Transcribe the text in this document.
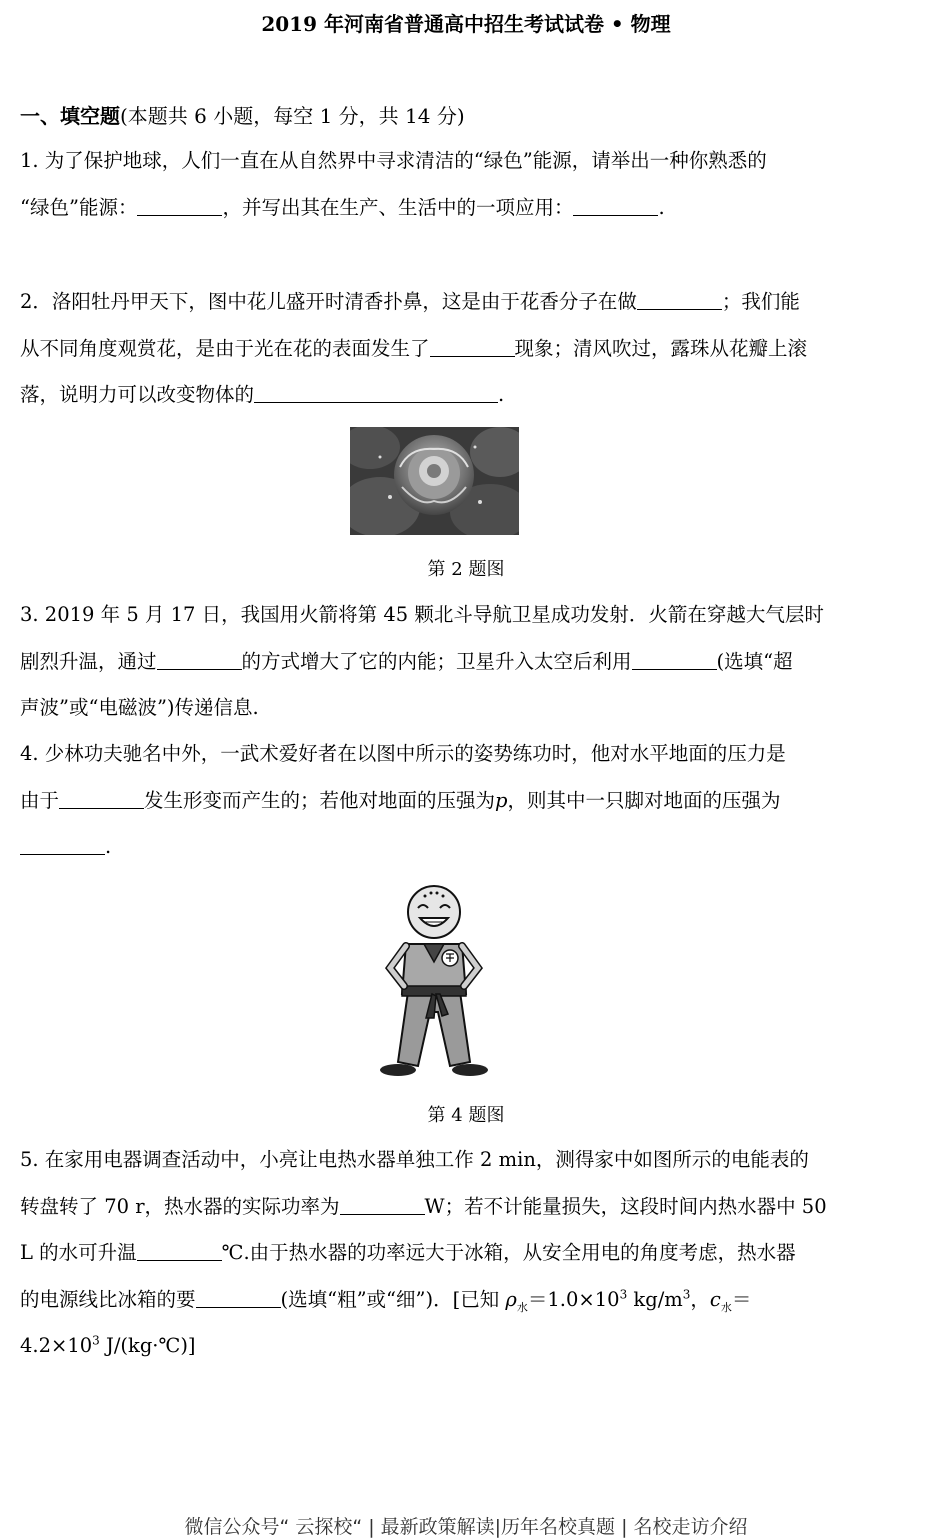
2019 年河南省普通高中招生考试试卷 • 物理
一、填空题(本题共 6 小题，每空 1 分，共 14 分)
1. 为了保护地球，人们一直在从自然界中寻求清洁的“绿色”能源，请举出一种你熟悉的
“绿色”能源：	，并写出其在生产、生活中的一项应用：	.
2．洛阳牡丹甲天下，图中花儿盛开时清香扑鼻，这是由于花香分子在做	；我们能
从不同角度观赏花，是由于光在花的表面发生了	现象；清风吹过，露珠从花瓣上滚
落，说明力可以改变物体的	.
第 2 题图
3. 2019 年 5 月 17 日，我国用火箭将第 45 颗北斗导航卫星成功发射．火箭在穿越大气层时
剧烈升温，通过	的方式增大了它的内能；卫星升入太空后利用	(选填“超
声波”或“电磁波”)传递信息.
4. 少林功夫驰名中外，一武术爱好者在以图中所示的姿势练功时，他对水平地面的压力是
由于	发生形变而产生的；若他对地面的压强为p，则其中一只脚对地面的压强为
.
第 4 题图
5. 在家用电器调查活动中，小亮让电热水器单独工作 2 min，测得家中如图所示的电能表的
转盘转了 70 r，热水器的实际功率为	W；若不计能量损失，这段时间内热水器中 50
L 的水可升温	℃.由于热水器的功率远大于冰箱，从安全用电的角度考虑，热水器
的电源线比冰箱的要	(选填“粗”或“细”)．[已知 $\rho_水=1.0\times 10^3$ $kg/m^3$，$c_水=$
$4.2\times 10^3$ J/(kg·℃)]
微信公众号“ 云探校“ | 最新政策解读|历年名校真题 | 名校走访介绍
